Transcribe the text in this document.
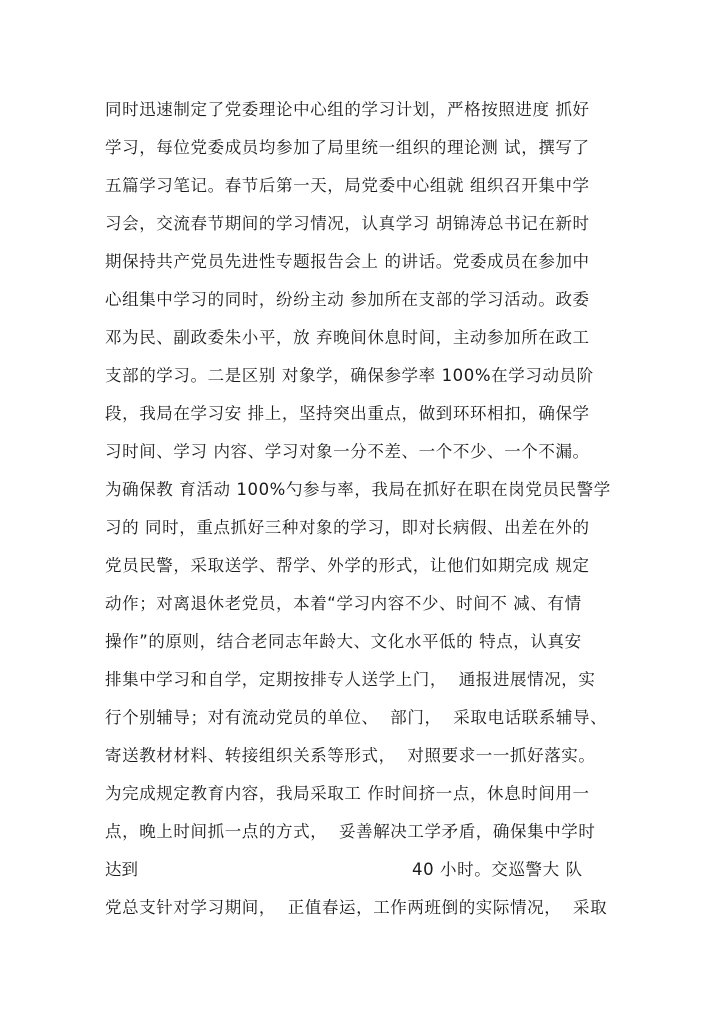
同时迅速制定了党委理论中心组的学习计划，严格按照进度 抓好
学习，每位党委成员均参加了局里统一组织的理论测 试，撰写了
五篇学习笔记。春节后第一天，局党委中心组就 组织召开集中学
习会，交流春节期间的学习情况，认真学习 胡锦涛总书记在新时
期保持共产党员先进性专题报告会上 的讲话。党委成员在参加中
心组集中学习的同时，纷纷主动 参加所在支部的学习活动。政委
邓为民、副政委朱小平，放 弃晚间休息时间，主动参加所在政工
支部的学习。二是区别 对象学，确保参学率 100%在学习动员阶
段，我局在学习安 排上，坚持突出重点，做到环环相扣，确保学
习时间、学习 内容、学习对象一分不差、一个不少、一个不漏。
为确保教 育活动 100%勺参与率，我局在抓好在职在岗党员民警学
习的 同时，重点抓好三种对象的学习，即对长病假、出差在外的
党员民警，采取送学、帮学、外学的形式，让他们如期完成 规定
动作；对离退休老党员，本着“学习内容不少、时间不 减、有情
操作”的原则，结合老同志年龄大、文化水平低的 特点，认真安
排集中学习和自学，定期按排专人送学上门，  通报进展情况，实
行个别辅导；对有流动党员的单位、  部门，  采取电话联系辅导、
寄送教材材料、转接组织关系等形式，  对照要求一一抓好落实。
为完成规定教育内容，我局采取工 作时间挤一点，休息时间用一
点，晚上时间抓一点的方式，  妥善解决工学矛盾，确保集中学时
达到	40 小时。交巡警大 队
党总支针对学习期间，  正值春运，工作两班倒的实际情况，  采取
